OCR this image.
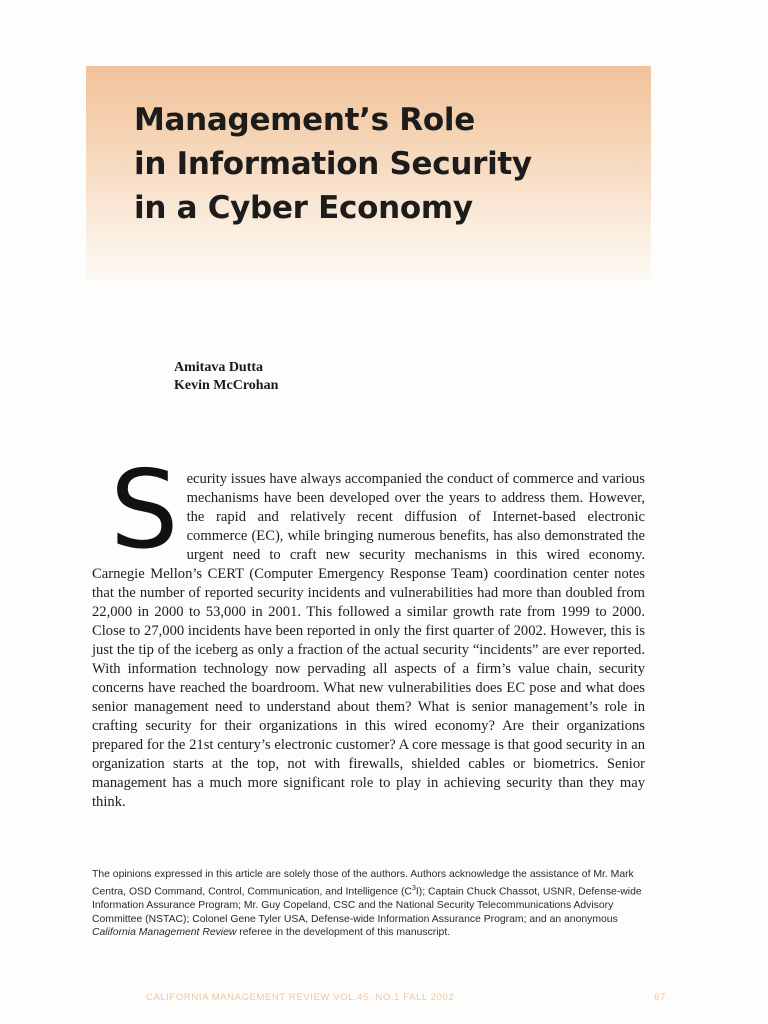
Management’s Role
in Information Security
in a Cyber Economy
Amitava Dutta
Kevin McCrohan

Security issues have always accompanied the conduct of commerce and various mechanisms have been developed over the years to address them. However, the rapid and relatively recent diffusion of Internet-based electronic commerce (EC), while bringing numerous benefits, has also demonstrated the urgent need to craft new security mechanisms in this wired economy. Carnegie Mellon’s CERT (Computer Emergency Response Team) coordination center notes that the number of reported security incidents and vulnerabilities had more than doubled from 22,000 in 2000 to 53,000 in 2001. This followed a similar growth rate from 1999 to 2000. Close to 27,000 incidents have been reported in only the first quarter of 2002. However, this is just the tip of the iceberg as only a fraction of the actual security “incidents” are ever reported. With information technology now pervading all aspects of a firm’s value chain, security concerns have reached the boardroom. What new vulnerabilities does EC pose and what does senior management need to understand about them? What is senior management’s role in crafting security for their organizations in this wired economy? Are their organizations prepared for the 21st century’s electronic customer? A core message is that good security in an organization starts at the top, not with firewalls, shielded cables or biometrics. Senior management has a much more significant role to play in achieving security than they may think.

The opinions expressed in this article are solely those of the authors. Authors acknowledge the assistance of Mr. Mark Centra, OSD Command, Control, Communication, and Intelligence $(C^3I)$; Captain Chuck Chassot, USNR, Defense-wide Information Assurance Program; Mr. Guy Copeland, CSC and the National Security Telecommunications Advisory Committee (NSTAC); Colonel Gene Tyler USA, Defense-wide Information Assurance Program; and an anonymous California Management Review referee in the development of this manuscript.

CALIFORNIA MANAGEMENT REVIEW VOL.45, NO.1 FALL 2002	67
